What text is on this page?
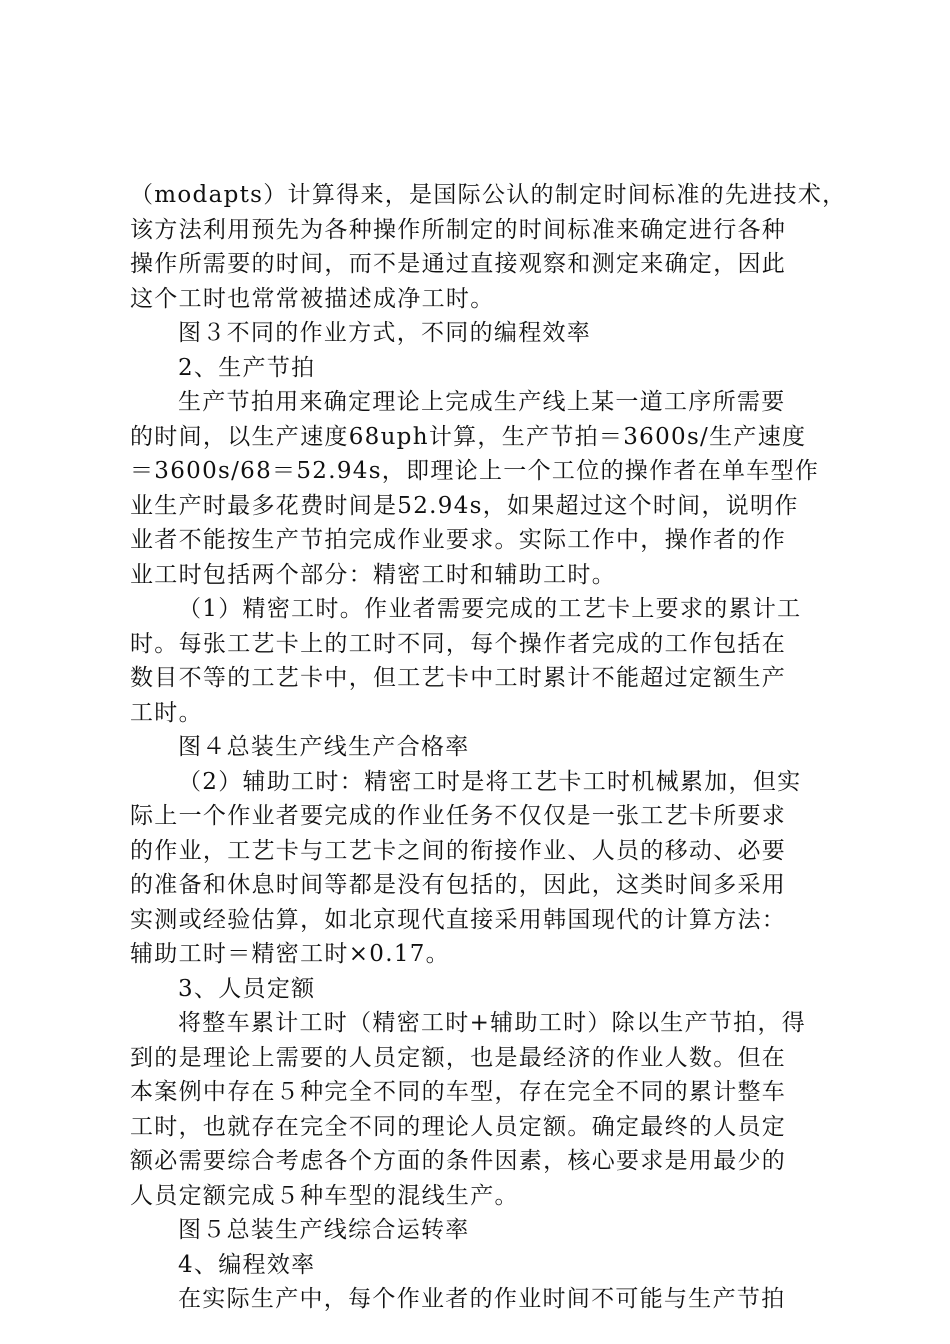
（modapts）计算得来，是国际公认的制定时间标准的先进技术，
该方法利用预先为各种操作所制定的时间标准来确定进行各种
操作所需要的时间，而不是通过直接观察和测定来确定，因此
这个工时也常常被描述成净工时。
图３不同的作业方式，不同的编程效率
2、生产节拍
生产节拍用来确定理论上完成生产线上某一道工序所需要
的时间，以生产速度68uph计算，生产节拍＝3600s/生产速度
＝3600s/68＝52.94s，即理论上一个工位的操作者在单车型作
业生产时最多花费时间是52.94s，如果超过这个时间，说明作
业者不能按生产节拍完成作业要求。实际工作中，操作者的作
业工时包括两个部分：精密工时和辅助工时。
（1）精密工时。作业者需要完成的工艺卡上要求的累计工
时。每张工艺卡上的工时不同，每个操作者完成的工作包括在
数目不等的工艺卡中，但工艺卡中工时累计不能超过定额生产
工时。
图４总装生产线生产合格率
（2）辅助工时：精密工时是将工艺卡工时机械累加，但实
际上一个作业者要完成的作业任务不仅仅是一张工艺卡所要求
的作业，工艺卡与工艺卡之间的衔接作业、人员的移动、必要
的准备和休息时间等都是没有包括的，因此，这类时间多采用
实测或经验估算，如北京现代直接采用韩国现代的计算方法：
辅助工时＝精密工时×0.17。
3、人员定额
将整车累计工时（精密工时+辅助工时）除以生产节拍，得
到的是理论上需要的人员定额，也是最经济的作业人数。但在
本案例中存在５种完全不同的车型，存在完全不同的累计整车
工时，也就存在完全不同的理论人员定额。确定最终的人员定
额必需要综合考虑各个方面的条件因素，核心要求是用最少的
人员定额完成５种车型的混线生产。
图５总装生产线综合运转率
4、编程效率
在实际生产中，每个作业者的作业时间不可能与生产节拍
